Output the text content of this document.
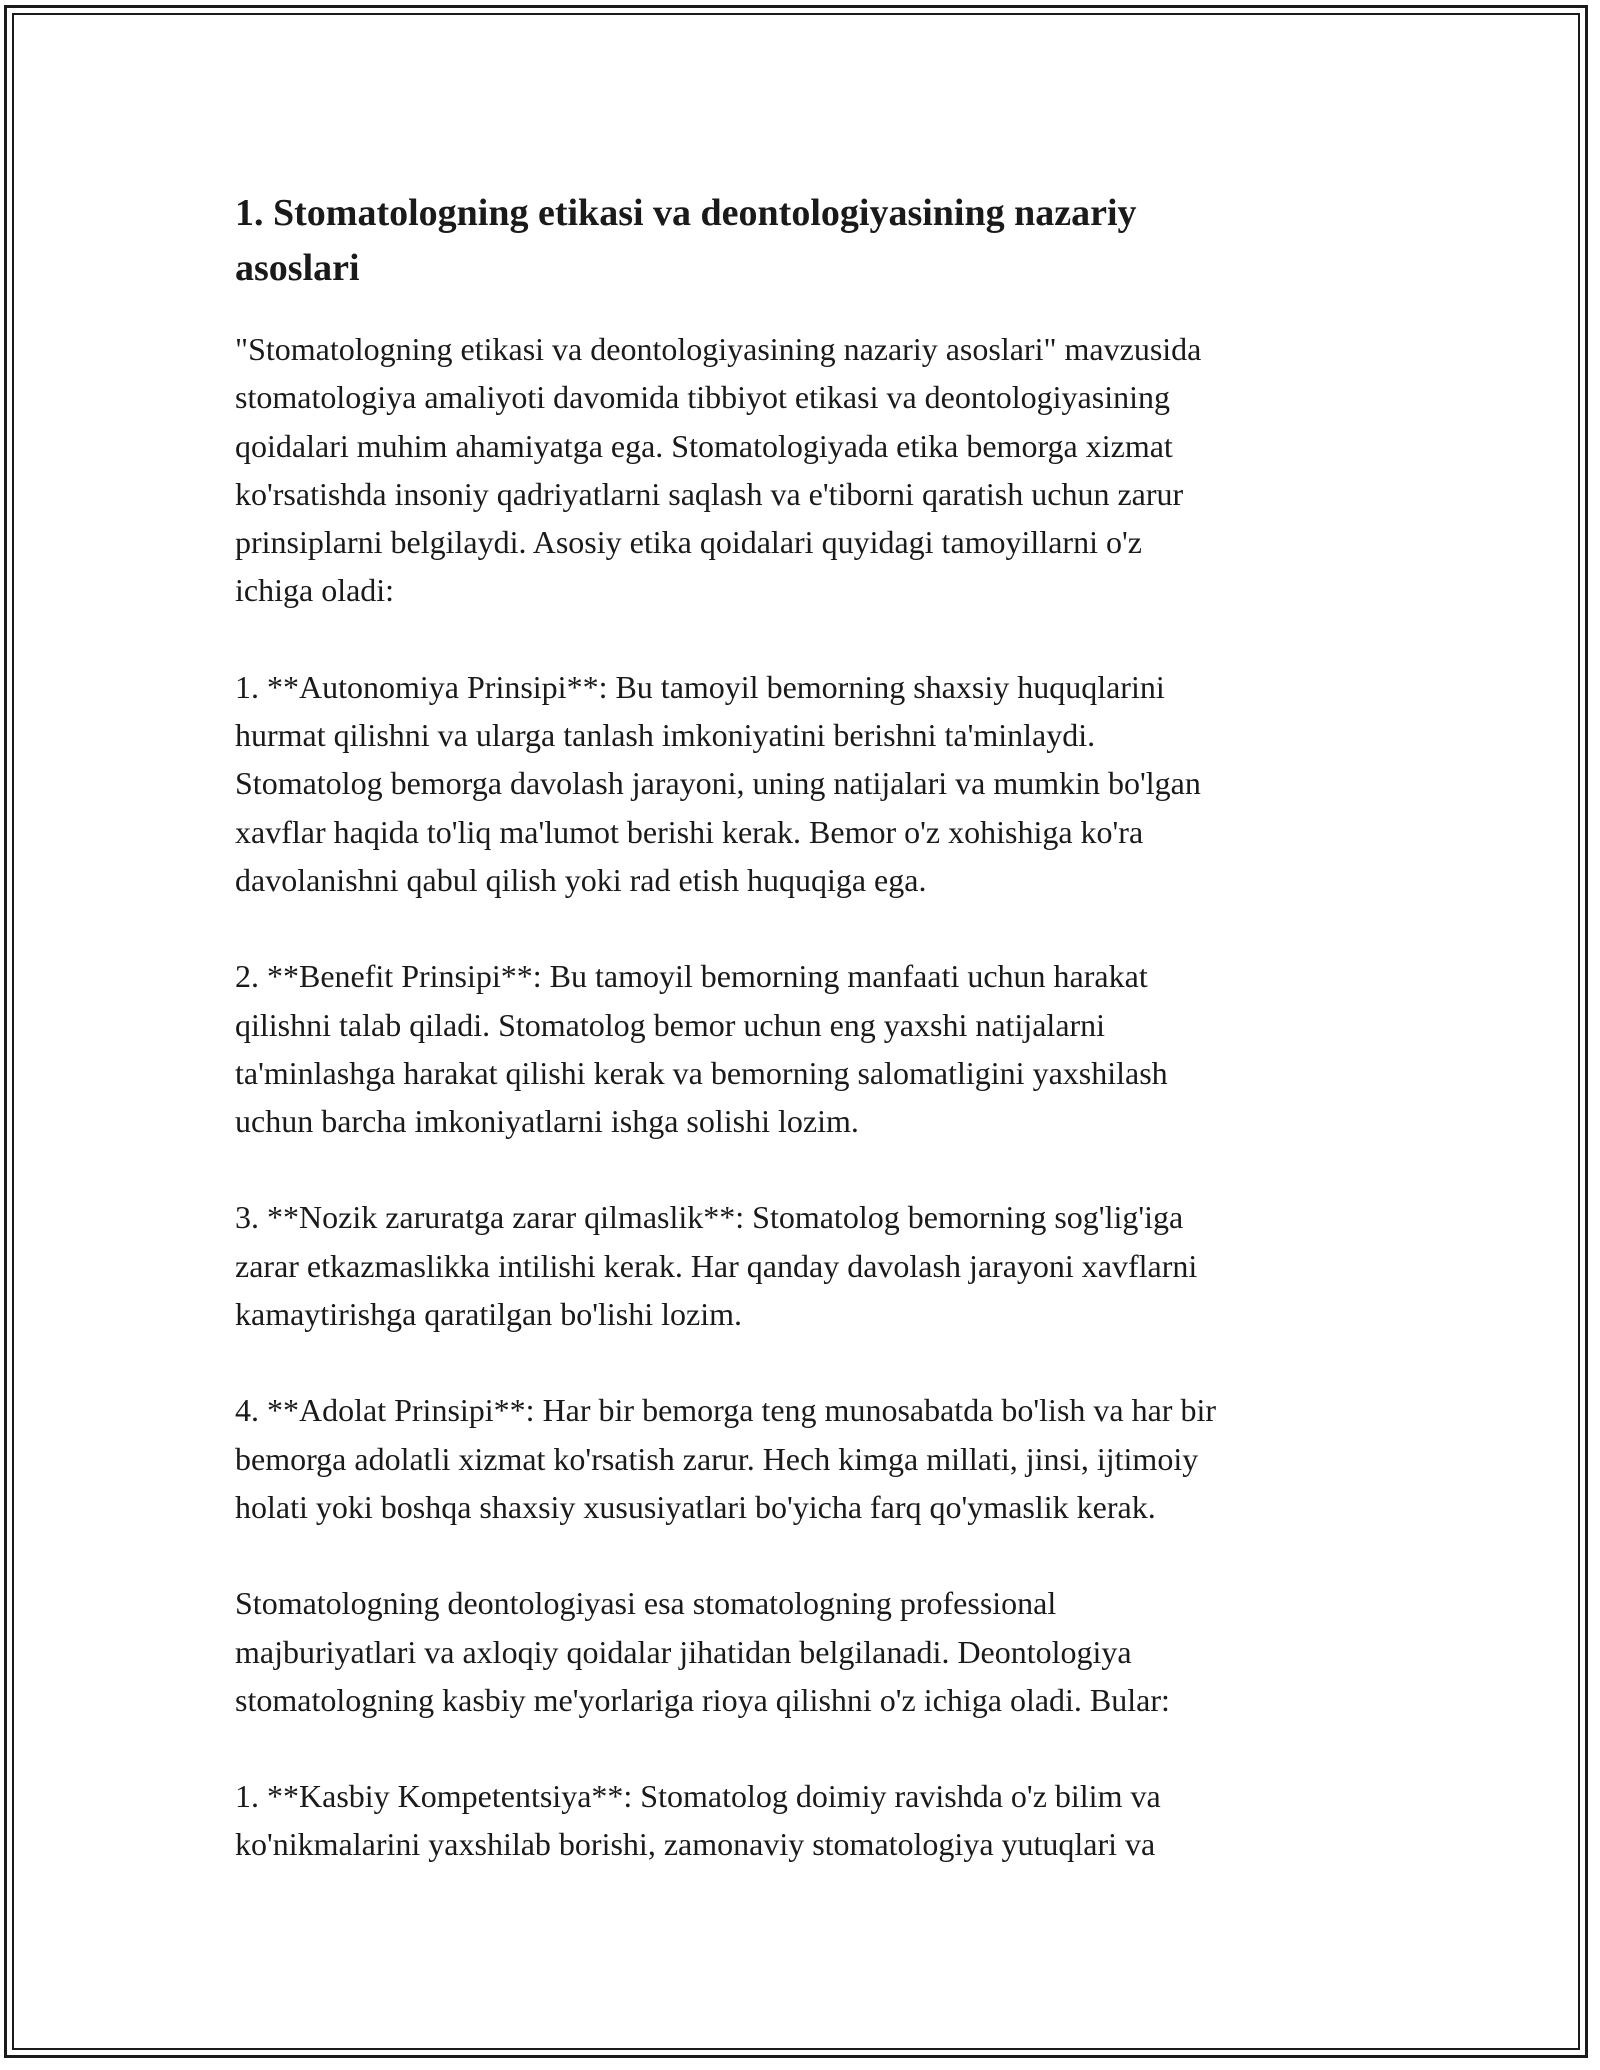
1. Stomatologning etikasi va deontologiyasining nazariy
asoslari

"Stomatologning etikasi va deontologiyasining nazariy asoslari" mavzusida
stomatologiya amaliyoti davomida tibbiyot etikasi va deontologiyasining
qoidalari muhim ahamiyatga ega. Stomatologiyada etika bemorga xizmat
ko'rsatishda insoniy qadriyatlarni saqlash va e'tiborni qaratish uchun zarur
prinsiplarni belgilaydi. Asosiy etika qoidalari quyidagi tamoyillarni o'z
ichiga oladi:

1. **Autonomiya Prinsipi**: Bu tamoyil bemorning shaxsiy huquqlarini
hurmat qilishni va ularga tanlash imkoniyatini berishni ta'minlaydi.
Stomatolog bemorga davolash jarayoni, uning natijalari va mumkin bo'lgan
xavflar haqida to'liq ma'lumot berishi kerak. Bemor o'z xohishiga ko'ra
davolanishni qabul qilish yoki rad etish huquqiga ega.

2. **Benefit Prinsipi**: Bu tamoyil bemorning manfaati uchun harakat
qilishni talab qiladi. Stomatolog bemor uchun eng yaxshi natijalarni
ta'minlashga harakat qilishi kerak va bemorning salomatligini yaxshilash
uchun barcha imkoniyatlarni ishga solishi lozim.

3. **Nozik zaruratga zarar qilmaslik**: Stomatolog bemorning sog'lig'iga
zarar etkazmaslikka intilishi kerak. Har qanday davolash jarayoni xavflarni
kamaytirishga qaratilgan bo'lishi lozim.

4. **Adolat Prinsipi**: Har bir bemorga teng munosabatda bo'lish va har bir
bemorga adolatli xizmat ko'rsatish zarur. Hech kimga millati, jinsi, ijtimoiy
holati yoki boshqa shaxsiy xususiyatlari bo'yicha farq qo'ymaslik kerak.

Stomatologning deontologiyasi esa stomatologning professional
majburiyatlari va axloqiy qoidalar jihatidan belgilanadi. Deontologiya
stomatologning kasbiy me'yorlariga rioya qilishni o'z ichiga oladi. Bular:

1. **Kasbiy Kompetentsiya**: Stomatolog doimiy ravishda o'z bilim va
ko'nikmalarini yaxshilab borishi, zamonaviy stomatologiya yutuqlari va
